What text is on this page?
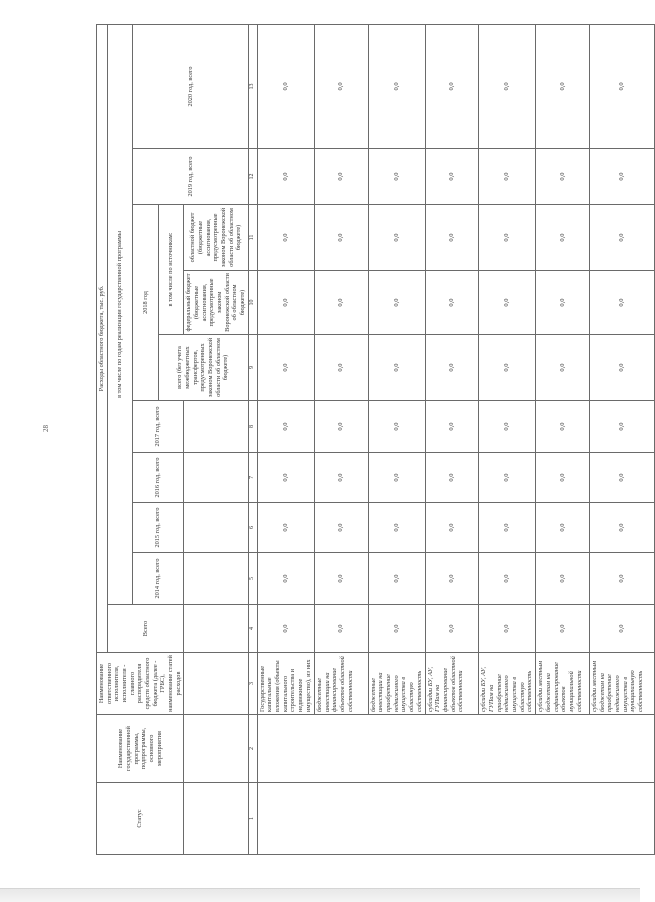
28
Статус	Наименование государственной программы, подпрограммы, основного мероприятия	Наименование ответственного исполнителя, исполнителя - главного распорядителя средств областного бюджета (далее - ГРБС), наименование статей расходов	Расходы областного бюджета, тыс. руб.									
			Всего	в том числе по годам реализации государственной программы								
				2014 год, всего	2015 год, всего	2016 год, всего	2017 год, всего	2018 год			2019 год, всего	2020 год, всего
								всего (без учета межбюджетных трансфертов, предусмотренных законом Воронежской области об областном бюджете)	в том числе по источникам:			
									федеральный бюджет (бюджетные ассигнования, предусмотренные законом Воронежской области об областном бюджете)	областной бюджет (бюджетные ассигнования, предусмотренные законом Воронежской области об областном бюджете)		
1	2	3	4	5	6	7	8	9	10	11	12	13
		Государственные капитальные вложения (объекты капитального строительства и недвижимое имущество), из них	0,0	0,0	0,0	0,0	0,0	0,0	0,0	0,0	0,0	0,0
		бюджетные инвестиции на финансирование объектов областной собственности	0,0	0,0	0,0	0,0	0,0	0,0	0,0	0,0	0,0	0,0
		бюджетные инвестиции на приобретение недвижимого имущества в областную собственность	0,0	0,0	0,0	0,0	0,0	0,0	0,0	0,0	0,0	0,0
		субсидии БУ, АУ, ГУПам на финансирование объектов областной собственности	0,0	0,0	0,0	0,0	0,0	0,0	0,0	0,0	0,0	0,0
		субсидии БУ, АУ, ГУПам на приобретение недвижимого имущества в областную собственность	0,0	0,0	0,0	0,0	0,0	0,0	0,0	0,0	0,0	0,0
		субсидии местным бюджетам на софинансирование объектов муниципальной собственности	0,0	0,0	0,0	0,0	0,0	0,0	0,0	0,0	0,0	0,0
		субсидии местным бюджетам на приобретение недвижимого имущества в муниципальную собственность	0,0	0,0	0,0	0,0	0,0	0,0	0,0	0,0	0,0	0,0
